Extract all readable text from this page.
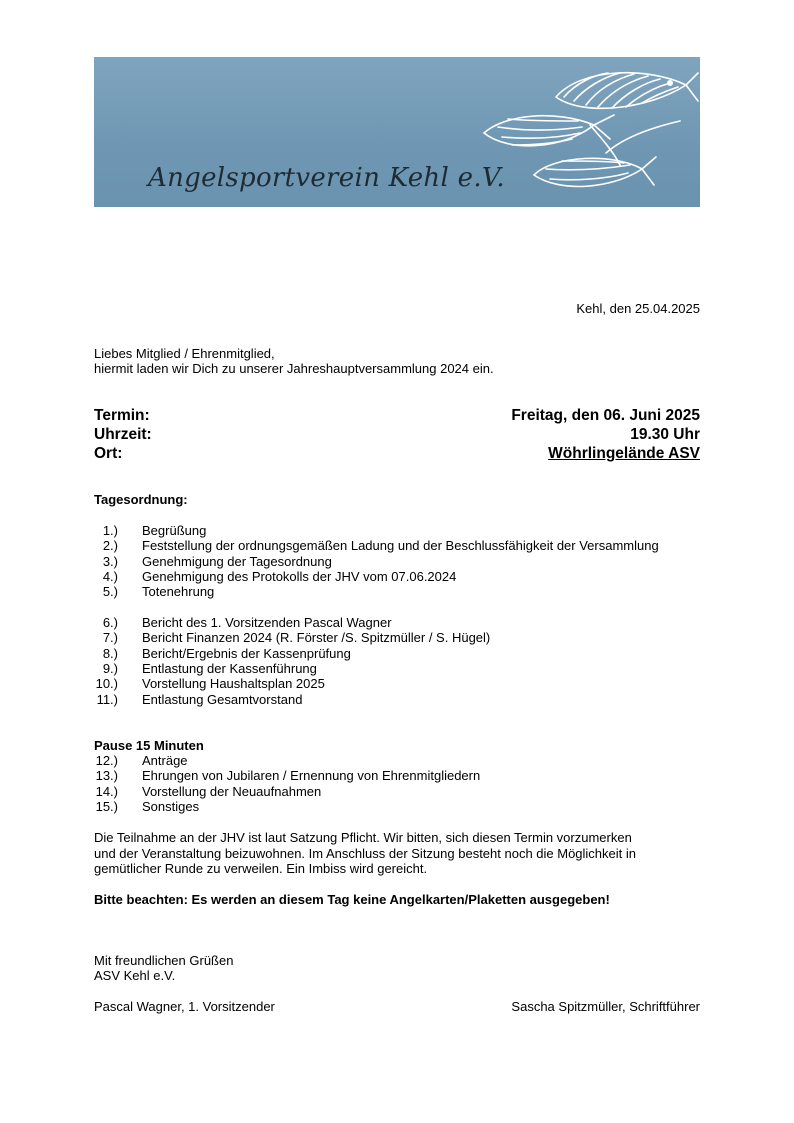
Angelsportverein Kehl e.V.
Kehl, den 25.04.2025
Liebes Mitglied / Ehrenmitglied,
hiermit laden wir Dich zu unserer Jahreshauptversammlung 2024 ein.
Termin:	Freitag, den 06. Juni 2025
Uhrzeit:	19.30 Uhr
Ort:	Wöhrlingelände ASV
Tagesordnung:
1.) Begrüßung
2.) Feststellung der ordnungsgemäßen Ladung und der Beschlussfähigkeit der Versammlung
3.) Genehmigung der Tagesordnung
4.) Genehmigung des Protokolls der JHV vom 07.06.2024
5.) Totenehrung
6.) Bericht des 1. Vorsitzenden Pascal Wagner
7.) Bericht Finanzen 2024 (R. Förster /S. Spitzmüller / S. Hügel)
8.) Bericht/Ergebnis der Kassenprüfung
9.) Entlastung der Kassenführung
10.) Vorstellung Haushaltsplan 2025
11.) Entlastung Gesamtvorstand
Pause 15 Minuten
12.) Anträge
13.) Ehrungen von Jubilaren / Ernennung von Ehrenmitgliedern
14.) Vorstellung der Neuaufnahmen
15.) Sonstiges
Die Teilnahme an der JHV ist laut Satzung Pflicht. Wir bitten, sich diesen Termin vorzumerken
und der Veranstaltung beizuwohnen. Im Anschluss der Sitzung besteht noch die Möglichkeit in
gemütlicher Runde zu verweilen. Ein Imbiss wird gereicht.
Bitte beachten: Es werden an diesem Tag keine Angelkarten/Plaketten ausgegeben!
Mit freundlichen Grüßen
ASV Kehl e.V.
Pascal Wagner, 1. Vorsitzender	Sascha Spitzmüller, Schriftführer
